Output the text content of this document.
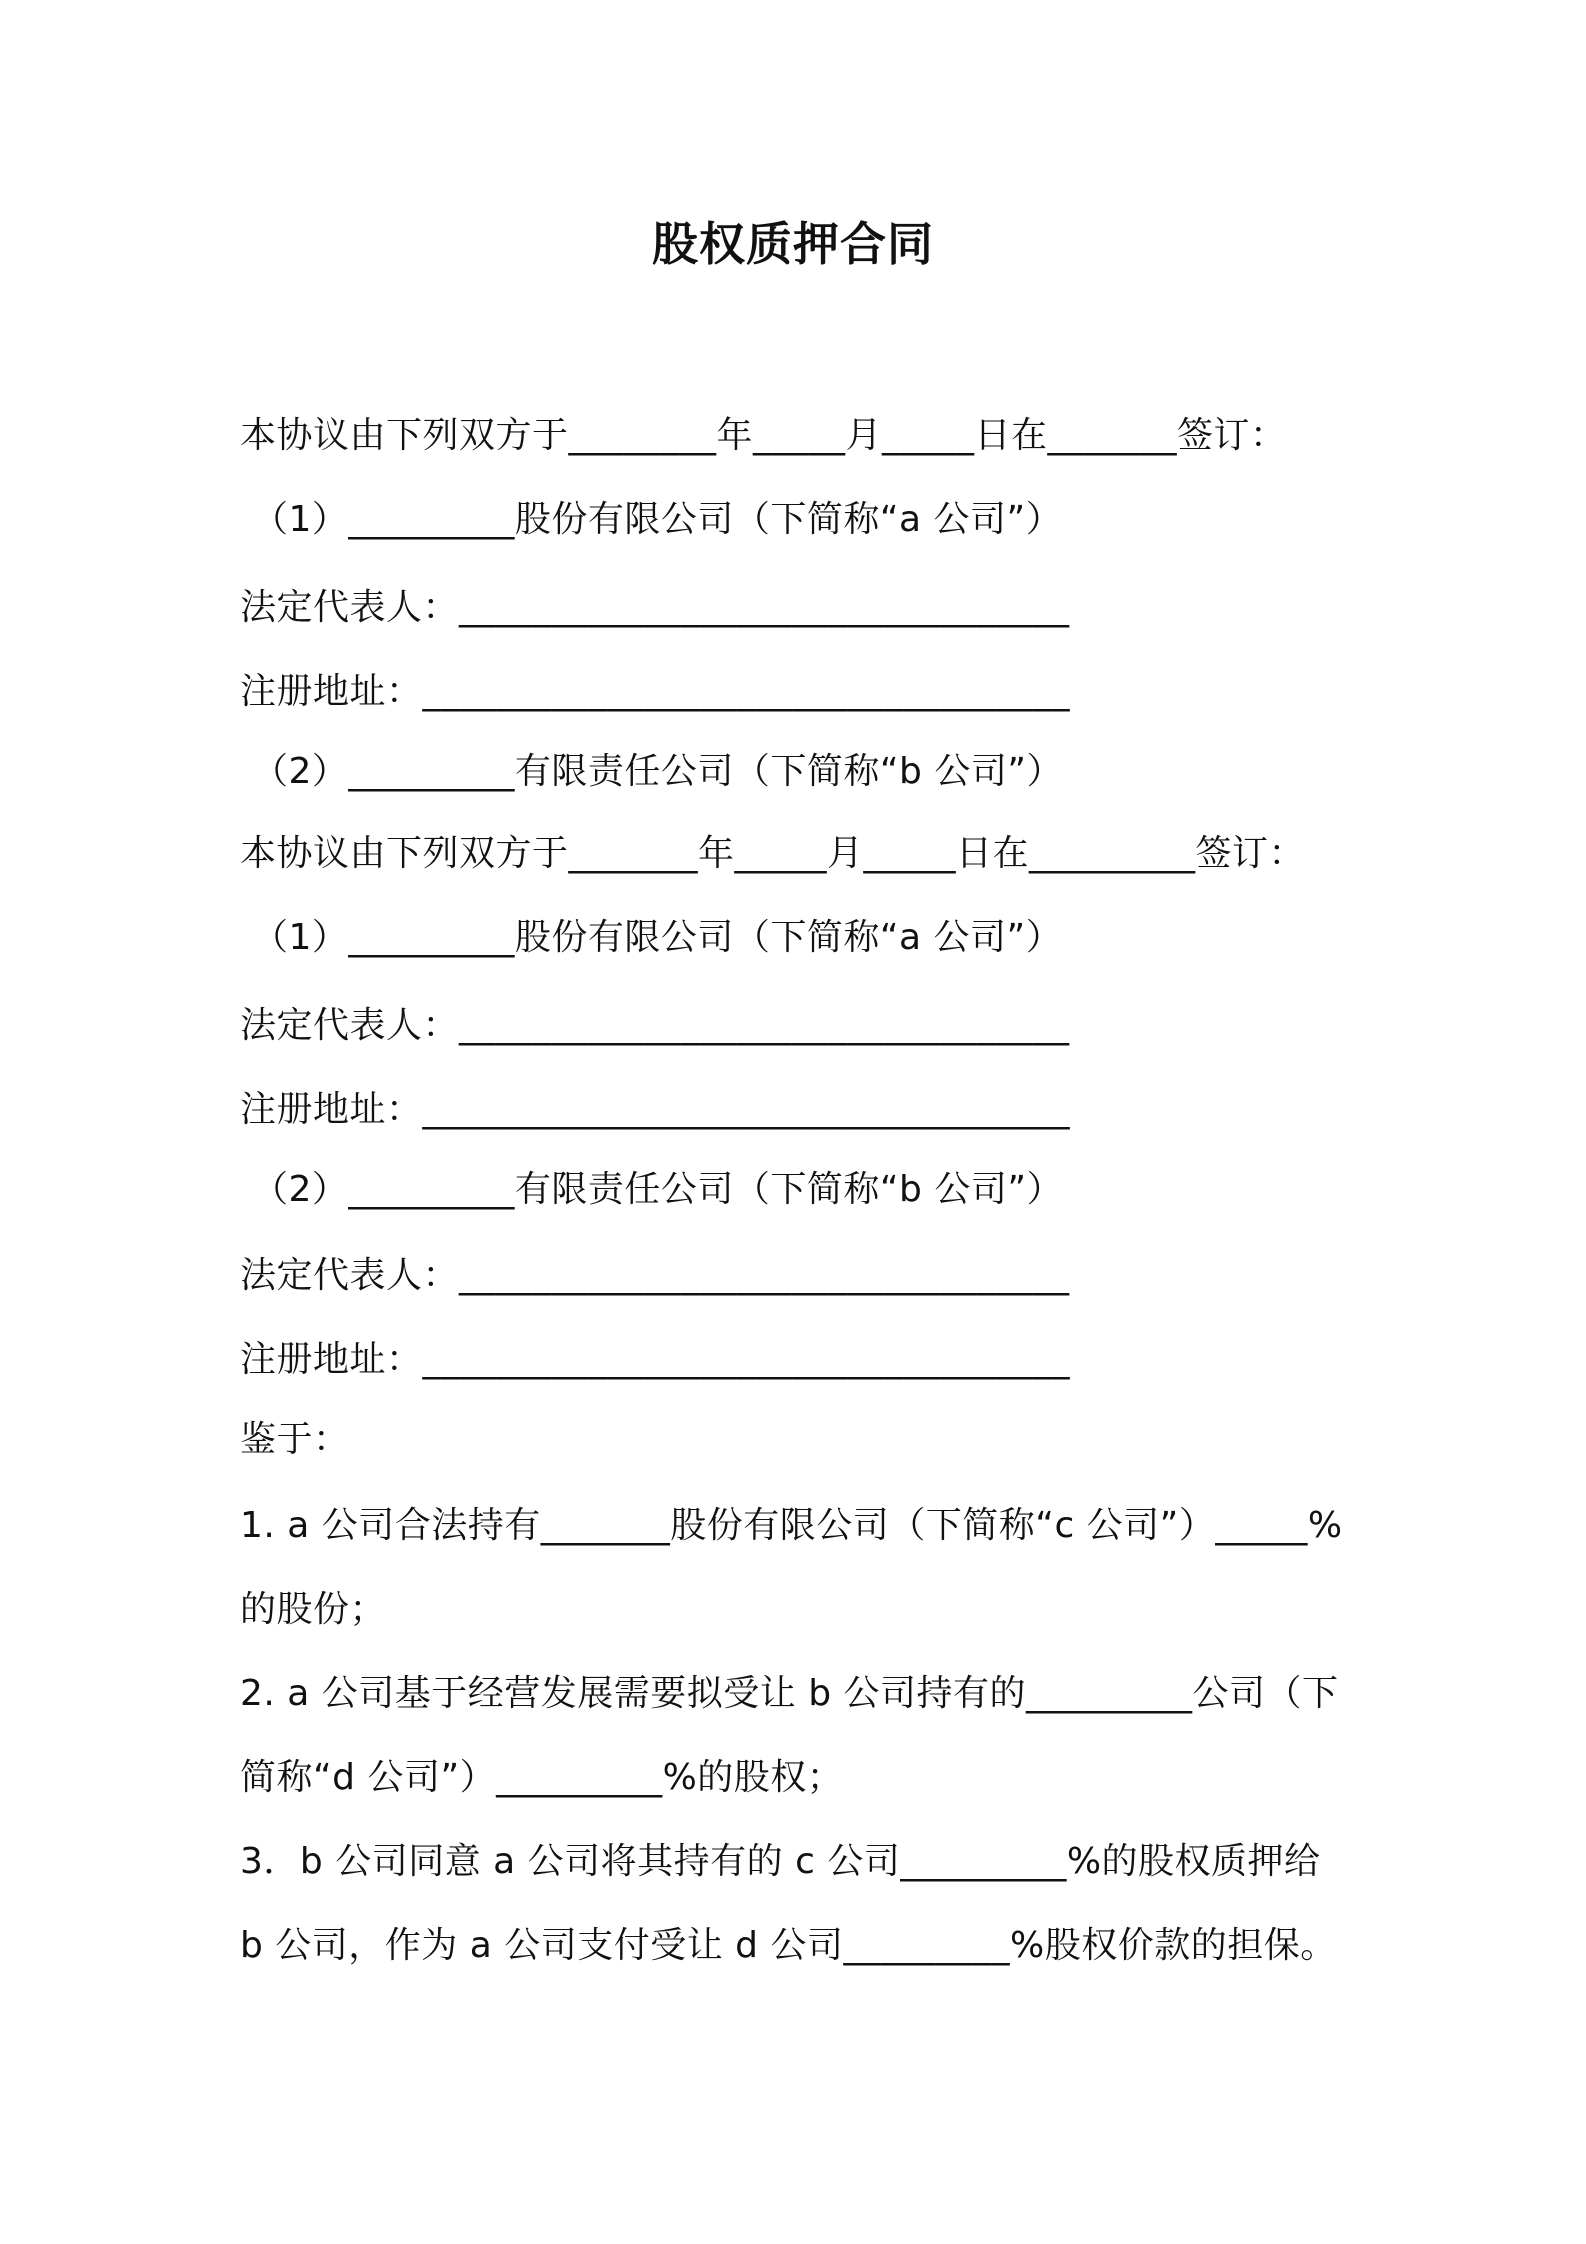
股权质押合同
本协议由下列双方于________年_____月_____日在_______签订：
（1）_________股份有限公司（下简称“a 公司”）
法定代表人：_________________________________
注册地址：___________________________________
（2）_________有限责任公司（下简称“b 公司”）
本协议由下列双方于_______年_____月_____日在_________签订：
（1）_________股份有限公司（下简称“a 公司”）
法定代表人：_________________________________
注册地址：___________________________________
（2）_________有限责任公司（下简称“b 公司”）
法定代表人：_________________________________
注册地址：___________________________________
鉴于：
1. a 公司合法持有_______股份有限公司（下简称“c 公司”）_____%
的股份；
2. a 公司基于经营发展需要拟受让 b 公司持有的_________公司（下
简称“d 公司”）_________%的股权；
3．b 公司同意 a 公司将其持有的 c 公司_________%的股权质押给
b 公司，作为 a 公司支付受让 d 公司_________%股权价款的担保。
